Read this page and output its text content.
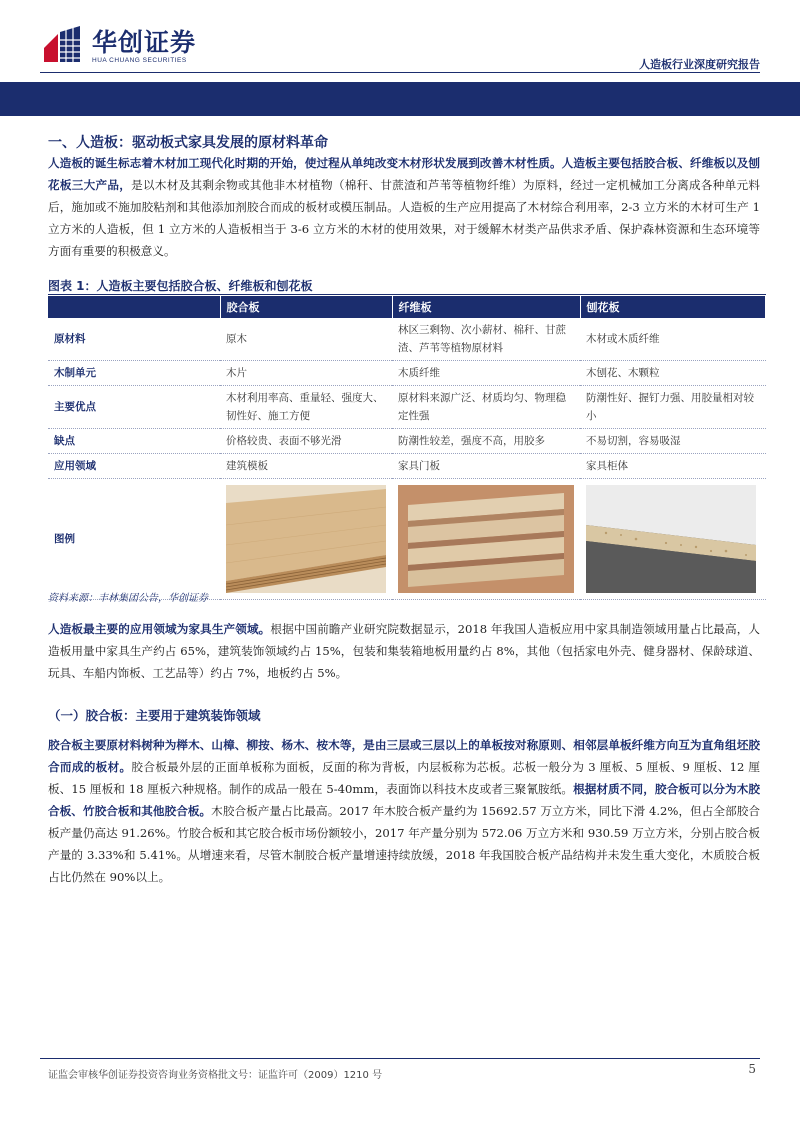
华创证券
HUA CHUANG SECURITIES	人造板行业深度研究报告
一、人造板：驱动板式家具发展的原材料革命
人造板的诞生标志着木材加工现代化时期的开始，使过程从单纯改变木材形状发展到改善木材性质。人造板主要包括胶合板、纤维板以及刨花板三大产品，是以木材及其剩余物或其他非木材植物（棉秆、甘蔗渣和芦苇等植物纤维）为原料，经过一定机械加工分离成各种单元料后，施加或不施加胶粘剂和其他添加剂胶合而成的板材或模压制品。人造板的生产应用提高了木材综合利用率，2-3 立方米的木材可生产 1 立方米的人造板，但 1 立方米的人造板相当于 3-6 立方米的木材的使用效果，对于缓解木材类产品供求矛盾、保护森林资源和生态环境等方面有重要的积极意义。
图表 1：人造板主要包括胶合板、纤维板和刨花板
	胶合板	纤维板	刨花板
原材料	原木	林区三剩物、次小薪材、棉秆、甘蔗渣、芦苇等植物原材料	木材或木质纤维
木制单元	木片	木质纤维	木刨花、木颗粒
主要优点	木材利用率高、重量轻、强度大、韧性好、施工方便	原材料来源广泛、材质均匀、物理稳定性强	防潮性好、握钉力强、用胶量相对较小
缺点	价格较贵、表面不够光滑	防潮性较差，强度不高，用胶多	不易切割，容易吸湿
应用领域	建筑模板	家具门板	家具柜体
图例	

资料来源：丰林集团公告，华创证券
人造板最主要的应用领域为家具生产领域。根据中国前瞻产业研究院数据显示，2018 年我国人造板应用中家具制造领域用量占比最高，人造板用量中家具生产约占 65%，建筑装饰领域约占 15%，包装和集装箱地板用量约占 8%，其他（包括家电外壳、健身器材、保龄球道、玩具、车船内饰板、工艺品等）约占 7%，地板约占 5%。
（一）胶合板：主要用于建筑装饰领域
胶合板主要原材料树种为榉木、山樟、柳按、杨木、桉木等，是由三层或三层以上的单板按对称原则、相邻层单板纤维方向互为直角组坯胶合而成的板材。胶合板最外层的正面单板称为面板，反面的称为背板，内层板称为芯板。芯板一般分为 3 厘板、5 厘板、9 厘板、12 厘板、15 厘板和 18 厘板六种规格。制作的成品一般在 5-40mm，表面饰以科技木皮或者三聚氰胺纸。根据材质不同，胶合板可以分为木胶合板、竹胶合板和其他胶合板。木胶合板产量占比最高。2017 年木胶合板产量约为 15692.57 万立方米，同比下滑 4.2%，但占全部胶合板产量仍高达 91.26%。竹胶合板和其它胶合板市场份额较小，2017 年产量分别为 572.06 万立方米和 930.59 万立方米，分别占胶合板产量的 3.33%和 5.41%。从增速来看，尽管木制胶合板产量增速持续放缓，2018 年我国胶合板产品结构并未发生重大变化，木质胶合板占比仍然在 90%以上。
证监会审核华创证券投资咨询业务资格批文号：证监许可（2009）1210 号	5
